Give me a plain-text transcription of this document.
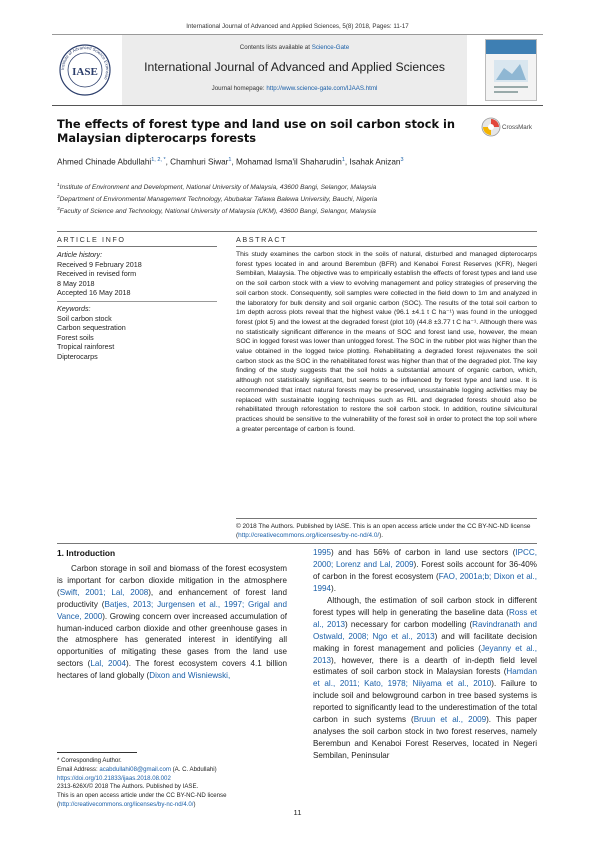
International Journal of Advanced and Applied Sciences, 5(8) 2018, Pages: 11-17
Institute of Advanced Science Extension
IASE
Contents lists available at Science-Gate
International Journal of Advanced and Applied Sciences
Journal homepage: http://www.science-gate.com/IJAAS.html
The effects of forest type and land use on soil carbon stock in Malaysian dipterocarps forests
CrossMark
Ahmed Chinade Abdullahi$^{1, 2, *}$, Chamhuri Siwar$^1$, Mohamad Isma'il Shaharudin$^1$, Isahak Anizan$^3$
$^1$Institute of Environment and Development, National University of Malaysia, 43600 Bangi, Selangor, Malaysia
$^2$Department of Environmental Management Technology, Abubakar Tafawa Balewa University, Bauchi, Nigeria
$^3$Faculty of Science and Technology, National University of Malaysia (UKM), 43600 Bangi, Selangor, Malaysia
ARTICLE INFO	ABSTRACT
Article history:
Received 9 February 2018
Received in revised form
8 May 2018
Accepted 16 May 2018
Keywords:
Soil carbon stock
Carbon sequestration
Forest soils
Tropical rainforest
Dipterocarps
This study examines the carbon stock in the soils of natural, disturbed and managed dipterocarps forest types located in and around Berembun (BFR) and Kenaboi Forest Reserves (KFR), Negeri Sembilan, Malaysia. The objective was to empirically establish the effects of forest types and land use on the soil carbon stock with a view to evolving management and policy strategies of preserving the soil carbon stock. Consequently, soil samples were collected in the field down to 1m and analyzed in the laboratory for bulk density and soil organic carbon (SOC). The results of the total soil carbon to 1m depth across plots reveal that the highest value (96.1 ±4.1 t C ha⁻¹) was found in the unlogged forest (plot 5) and the lowest at the degraded forest (plot 10) (44.8 ±3.77 t C ha⁻¹. Although there was no statistically significant difference in the means of SOC and forest land use, however, the mean SOC in logged forest was lower than unlogged forest. The SOC in the rubber plot was higher than the value obtained in the logged twice plotting. Rehabilitating a degraded forest rejuvenates the soil carbon stock as the SOC in the rehabilitated forest was higher than that of the degraded plot. The key finding of the study suggests that the soil holds a substantial amount of organic carbon, which, although not statistically significant, but seems to be influenced by forest type and land use. It is recommended that intact natural forests may be preserved, unsustainable logging activities may be replaced with sustainable logging techniques such as RIL and degraded forests should also be rehabilitated through reforestation to restore the soil carbon stock. In addition, routine silvicultural practices should be sensitive to the vulnerability of the forest soil in order to protect the top soil where a greater percentage of carbon is found.
© 2018 The Authors. Published by IASE. This is an open access article under the CC BY-NC-ND license (http://creativecommons.org/licenses/by-nc-nd/4.0/).
1. Introduction
Carbon storage in soil and biomass of the forest ecosystem is important for carbon dioxide mitigation in the atmosphere (Swift, 2001; Lal, 2008), and enhancement of forest land productivity (Batjes, 2013; Jurgensen et al., 1997; Grigal and Vance, 2000). Growing concern over increased accumulation of human-induced carbon dioxide and other greenhouse gases in the atmosphere has generated interest in identifying all opportunities of mitigating these gases from the land use sectors (Lal, 2004). The forest ecosystem covers 4.1 billion hectares of land globally (Dixon and Wisniewski,
1995) and has 56% of carbon in land use sectors (IPCC, 2000; Lorenz and Lal, 2009). Forest soils account for 36-40% of carbon in the forest ecosystem (FAO, 2001a;b; Dixon et al., 1994).
Although, the estimation of soil carbon stock in different forest types will help in generating the baseline data (Ross et al., 2013) necessary for carbon modelling (Ravindranath and Ostwald, 2008; Ngo et al., 2013) and will facilitate decision making in forest management and policies (Jeyanny et al., 2013), however, there is a dearth of in-depth field level estimates of soil carbon stock in Malaysian forests (Hamdan et al., 2011; Kato, 1978; Niiyama et al., 2010). Failure to include soil and belowground carbon in tree based systems is reported to significantly lead to the underestimation of the total carbon in such systems (Bruun et al., 2009). This paper analyses the soil carbon stock in two forest reserves, namely Berembun and Kenaboi Forest Reserves, located in Negeri Sembilan, Peninsular
* Corresponding Author.
Email Address: acabdullahi08@gmail.com (A. C. Abdullahi)
https://doi.org/10.21833/ijaas.2018.08.002
2313-626X/© 2018 The Authors. Published by IASE.
This is an open access article under the CC BY-NC-ND license
(http://creativecommons.org/licenses/by-nc-nd/4.0/)
11
